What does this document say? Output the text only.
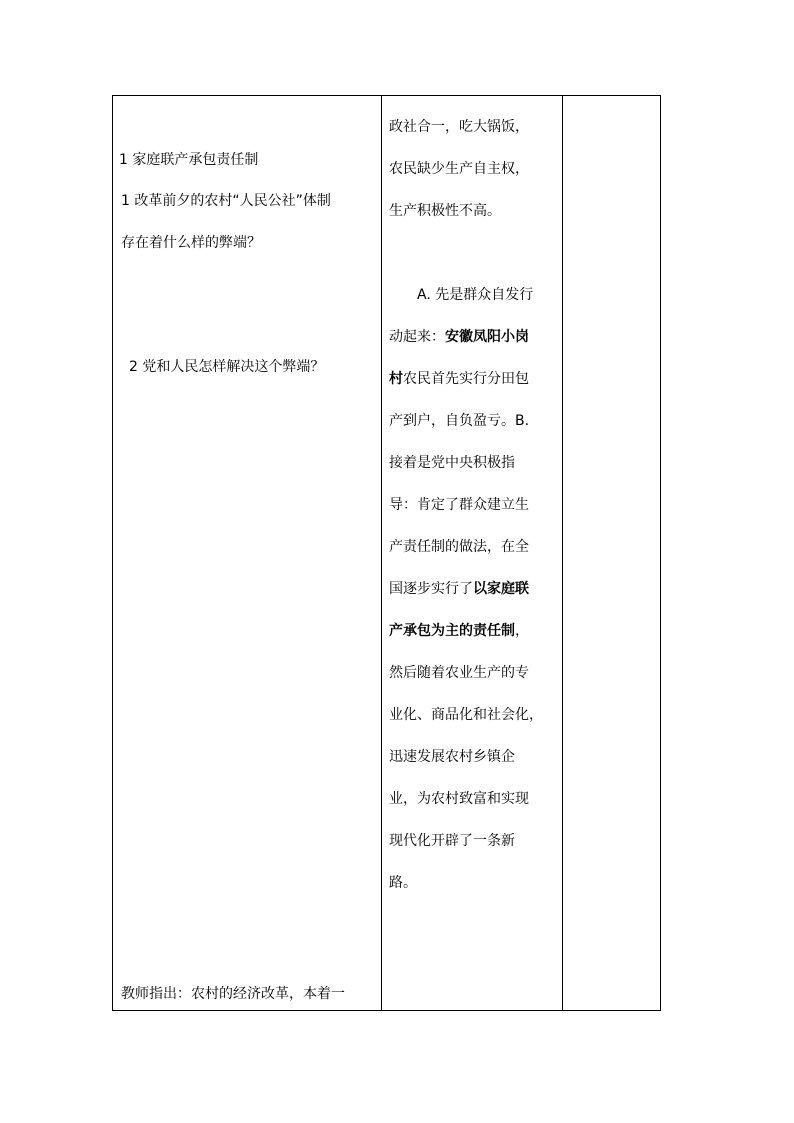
1 家庭联产承包责任制
1 改革前夕的农村“人民公社”体制
存在着什么样的弊端？
2 党和人民怎样解决这个弊端？
教师指出：农村的经济改革，本着一

政社合一，吃大锅饭，

农民缺少生产自主权，

生产积极性不高。

A. 先是群众自发行

动起来：安徽凤阳小岗

村农民首先实行分田包

产到户，自负盈亏。B.

接着是党中央积极指

导：肯定了群众建立生

产责任制的做法，在全

国逐步实行了以家庭联

产承包为主的责任制，

然后随着农业生产的专

业化、商品化和社会化，

迅速发展农村乡镇企

业，为农村致富和实现

现代化开辟了一条新

路。
